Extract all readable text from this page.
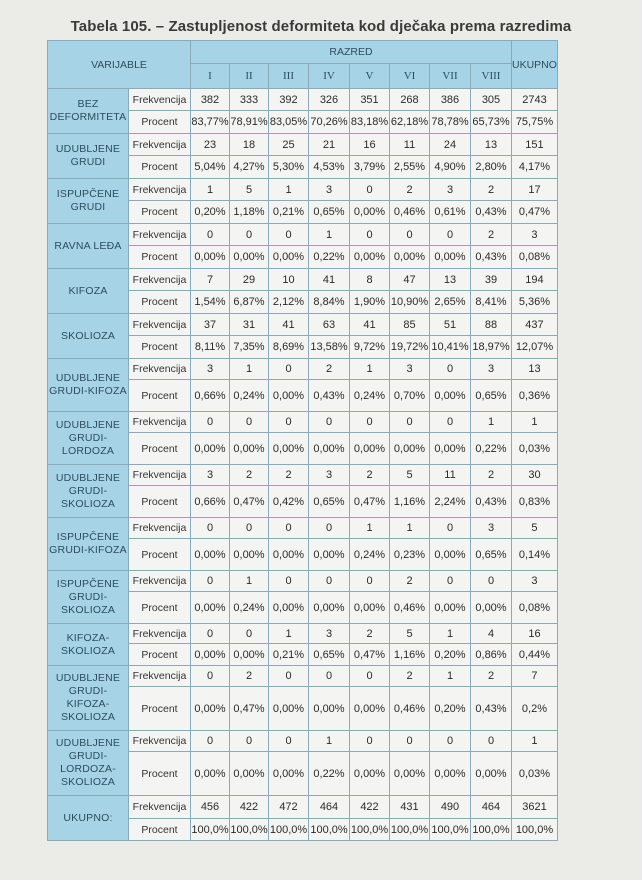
Tabela 105. – Zastupljenost deformiteta kod dječaka prema razredima
VARIJABLE		RAZRED								UKUPNO
		I	II	III	IV	V	VI	VII	VIII	
BEZ DEFORMITETA	Frekvencija	382	333	392	326	351	268	386	305	2743
	Procent	83,77%	78,91%	83,05%	70,26%	83,18%	62,18%	78,78%	65,73%	75,75%
UDUBLJENE GRUDI	Frekvencija	23	18	25	21	16	11	24	13	151
	Procent	5,04%	4,27%	5,30%	4,53%	3,79%	2,55%	4,90%	2,80%	4,17%
ISPUPČENE GRUDI	Frekvencija	1	5	1	3	0	2	3	2	17
	Procent	0,20%	1,18%	0,21%	0,65%	0,00%	0,46%	0,61%	0,43%	0,47%
RAVNA LEĐA	Frekvencija	0	0	0	1	0	0	0	2	3
	Procent	0,00%	0,00%	0,00%	0,22%	0,00%	0,00%	0,00%	0,43%	0,08%
KIFOZA	Frekvencija	7	29	10	41	8	47	13	39	194
	Procent	1,54%	6,87%	2,12%	8,84%	1,90%	10,90%	2,65%	8,41%	5,36%
SKOLIOZA	Frekvencija	37	31	41	63	41	85	51	88	437
	Procent	8,11%	7,35%	8,69%	13,58%	9,72%	19,72%	10,41%	18,97%	12,07%
UDUBLJENE GRUDI-KIFOZA	Frekvencija	3	1	0	2	1	3	0	3	13
	Procent	0,66%	0,24%	0,00%	0,43%	0,24%	0,70%	0,00%	0,65%	0,36%
UDUBLJENE GRUDI-LORDOZA	Frekvencija	0	0	0	0	0	0	0	1	1
	Procent	0,00%	0,00%	0,00%	0,00%	0,00%	0,00%	0,00%	0,22%	0,03%
UDUBLJENE GRUDI-SKOLIOZA	Frekvencija	3	2	2	3	2	5	11	2	30
	Procent	0,66%	0,47%	0,42%	0,65%	0,47%	1,16%	2,24%	0,43%	0,83%
ISPUPČENE GRUDI-KIFOZA	Frekvencija	0	0	0	0	1	1	0	3	5
	Procent	0,00%	0,00%	0,00%	0,00%	0,24%	0,23%	0,00%	0,65%	0,14%
ISPUPČENE GRUDI-SKOLIOZA	Frekvencija	0	1	0	0	0	2	0	0	3
	Procent	0,00%	0,24%	0,00%	0,00%	0,00%	0,46%	0,00%	0,00%	0,08%
KIFOZA-SKOLIOZA	Frekvencija	0	0	1	3	2	5	1	4	16
	Procent	0,00%	0,00%	0,21%	0,65%	0,47%	1,16%	0,20%	0,86%	0,44%
UDUBLJENE GRUDI-KIFOZA-SKOLIOZA	Frekvencija	0	2	0	0	0	2	1	2	7
	Procent	0,00%	0,47%	0,00%	0,00%	0,00%	0,46%	0,20%	0,43%	0,2%
UDUBLJENE GRUDI-LORDOZA-SKOLIOZA	Frekvencija	0	0	0	1	0	0	0	0	1
	Procent	0,00%	0,00%	0,00%	0,22%	0,00%	0,00%	0,00%	0,00%	0,03%
UKUPNO:	Frekvencija	456	422	472	464	422	431	490	464	3621
	Procent	100,0%	100,0%	100,0%	100,0%	100,0%	100,0%	100,0%	100,0%	100,0%
